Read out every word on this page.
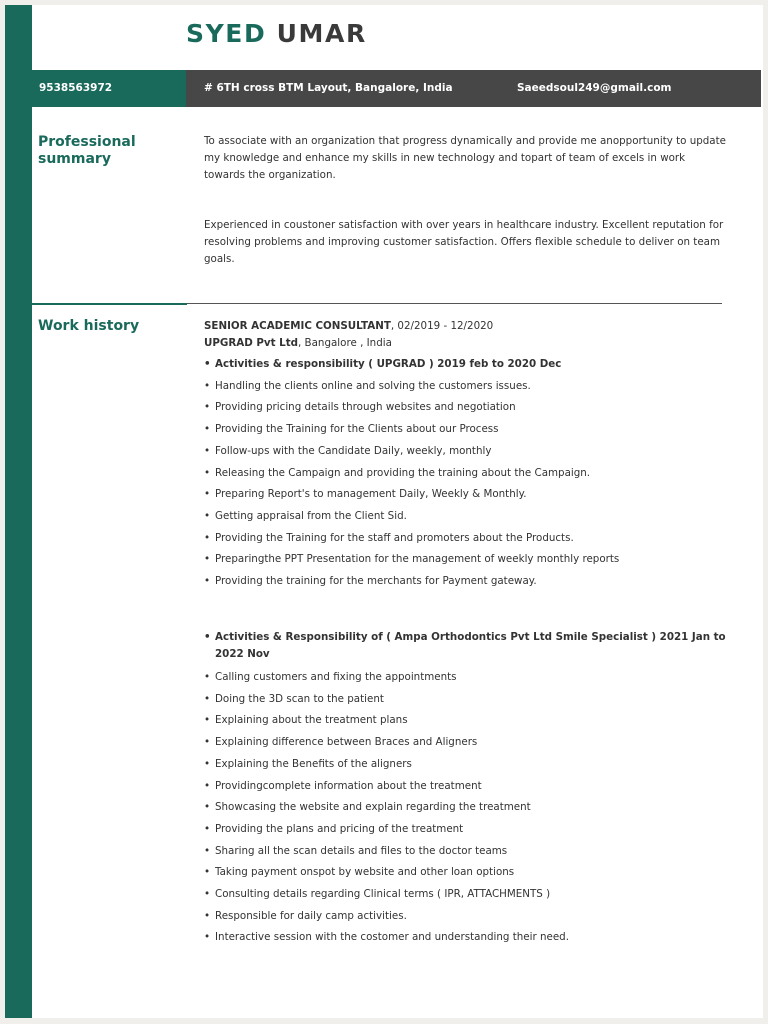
SYED UMAR
9538563972	# 6TH cross BTM Layout, Bangalore, India	Saeedsoul249@gmail.com
Professional
summary

To associate with an organization that progress dynamically and provide me anopportunity to update my knowledge and enhance my skills in new technology and topart of team of excels in work towards the organization.

Experienced in coustoner satisfaction with over years in healthcare industry. Excellent reputation for resolving problems and improving customer satisfaction. Offers flexible schedule to deliver on team goals.

Work history	SENIOR ACADEMIC CONSULTANT, 02/2019 - 12/2020

UPGRAD Pvt Ltd, Bangalore , India

• Activities & responsibility ( UPGRAD ) 2019 feb to 2020 Dec
• Handling the clients online and solving the customers issues.
• Providing pricing details through websites and negotiation
• Providing the Training for the Clients about our Process
• Follow-ups with the Candidate Daily, weekly, monthly
• Releasing the Campaign and providing the training about the Campaign.
• Preparing Report's to management Daily, Weekly & Monthly.
• Getting appraisal from the Client Sid.
• Providing the Training for the staff and promoters about the Products.
• Preparingthe PPT Presentation for the management of weekly monthly reports
• Providing the training for the merchants for Payment gateway.
• Activities & Responsibility of ( Ampa Orthodontics Pvt Ltd Smile Specialist ) 2021 Jan to 2022 Nov
• Calling customers and fixing the appointments
• Doing the 3D scan to the patient
• Explaining about the treatment plans
• Explaining difference between Braces and Aligners
• Explaining the Benefits of the aligners
• Providingcomplete information about the treatment
• Showcasing the website and explain regarding the treatment
• Providing the plans and pricing of the treatment
• Sharing all the scan details and files to the doctor teams
• Taking payment onspot by website and other loan options
• Consulting details regarding Clinical terms ( IPR, ATTACHMENTS )
• Responsible for daily camp activities.
• Interactive session with the costomer and understanding their need.
